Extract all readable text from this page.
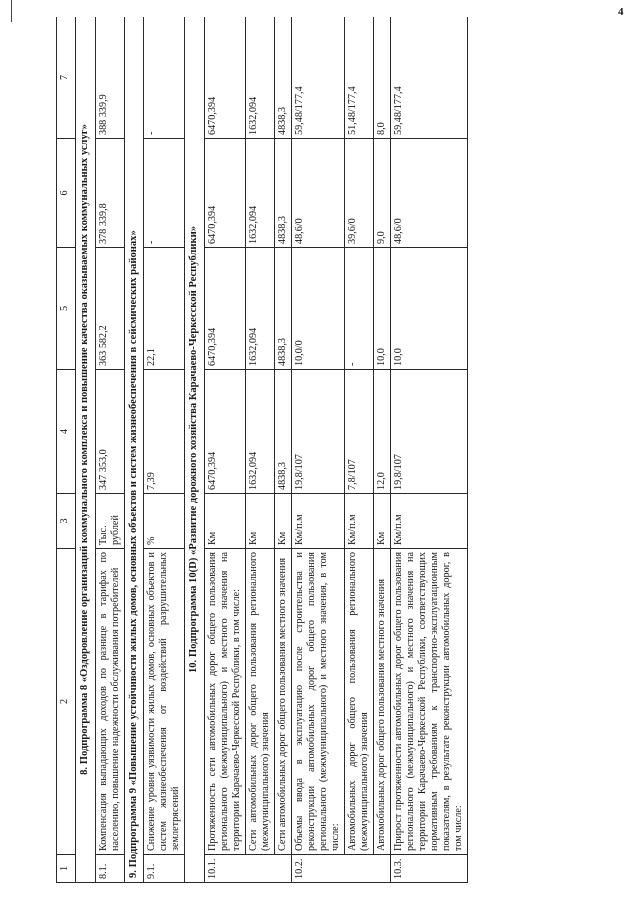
4
1	2	3	4	5	6	7
8. Подпрограмма 8 «Оздоровление организаций коммунального комплекса и повышение качества оказываемых коммунальных услуг»						
8.1.	Компенсация выпадающих доходов по разнице в тарифах по населению, повышение надежности обслуживания потребителей	Тыс. рублей	347 353,0	363 582,2	378 339,8	388 339,9
9. Подпрограмма 9 «Повышение устойчивости жилых домов, основных объектов и систем жизнеобеспечения в сейсмических районах»						
9.1.	Снижение уровня уязвимости жилых домов, основных объектов и систем жизнеобеспечения от воздействий разрушительных землетрясений	%	7,39	22,1	-	-
10. Подпрограмма 10(D) «Развитие дорожного хозяйства Карачаево-Черкесской Республики»						
10.1.	Протяженность сети автомобильных дорог общего пользования регионального (межмуниципального) и местного значения на территории Карачаево-Черкесской Республики, в том числе:	Км	6470,394	6470,394	6470,394	6470,394
	Сети автомобильных дорог общего пользования регионального (межмуниципального) значения	Км	1632,094	1632,094	1632,094	1632,094
	Сети автомобильных дорог общего пользования местного значения	Км	4838,3	4838,3	4838,3	4838,3
10.2.	Объемы ввода в эксплуатацию после строительства и реконструкции автомобильных дорог общего пользования регионального (межмуниципального) и местного значения, в том числе:	Км/п.м	19,8/107	10,0/0	48,6/0	59,48/177,4
	Автомобильных дорог общего пользования регионального (межмуниципального) значения	Км/п.м	7,8/107	-	39,6/0	51,48/177,4
	Автомобильных дорог общего пользования местного значения	Км	12,0	10,0	9,0	8,0
10.3.	Прирост протяженности автомобильных дорог общего пользования регионального (межмуниципального) и местного значения на территории Карачаево-Черкесской Республики, соответствующих нормативным требованиям к транспортно-эксплуатационным показателям, в результате реконструкции автомобильных дорог, в том числе:	Км/п.м	19,8/107	10,0	48,6/0	59,48/177,4
